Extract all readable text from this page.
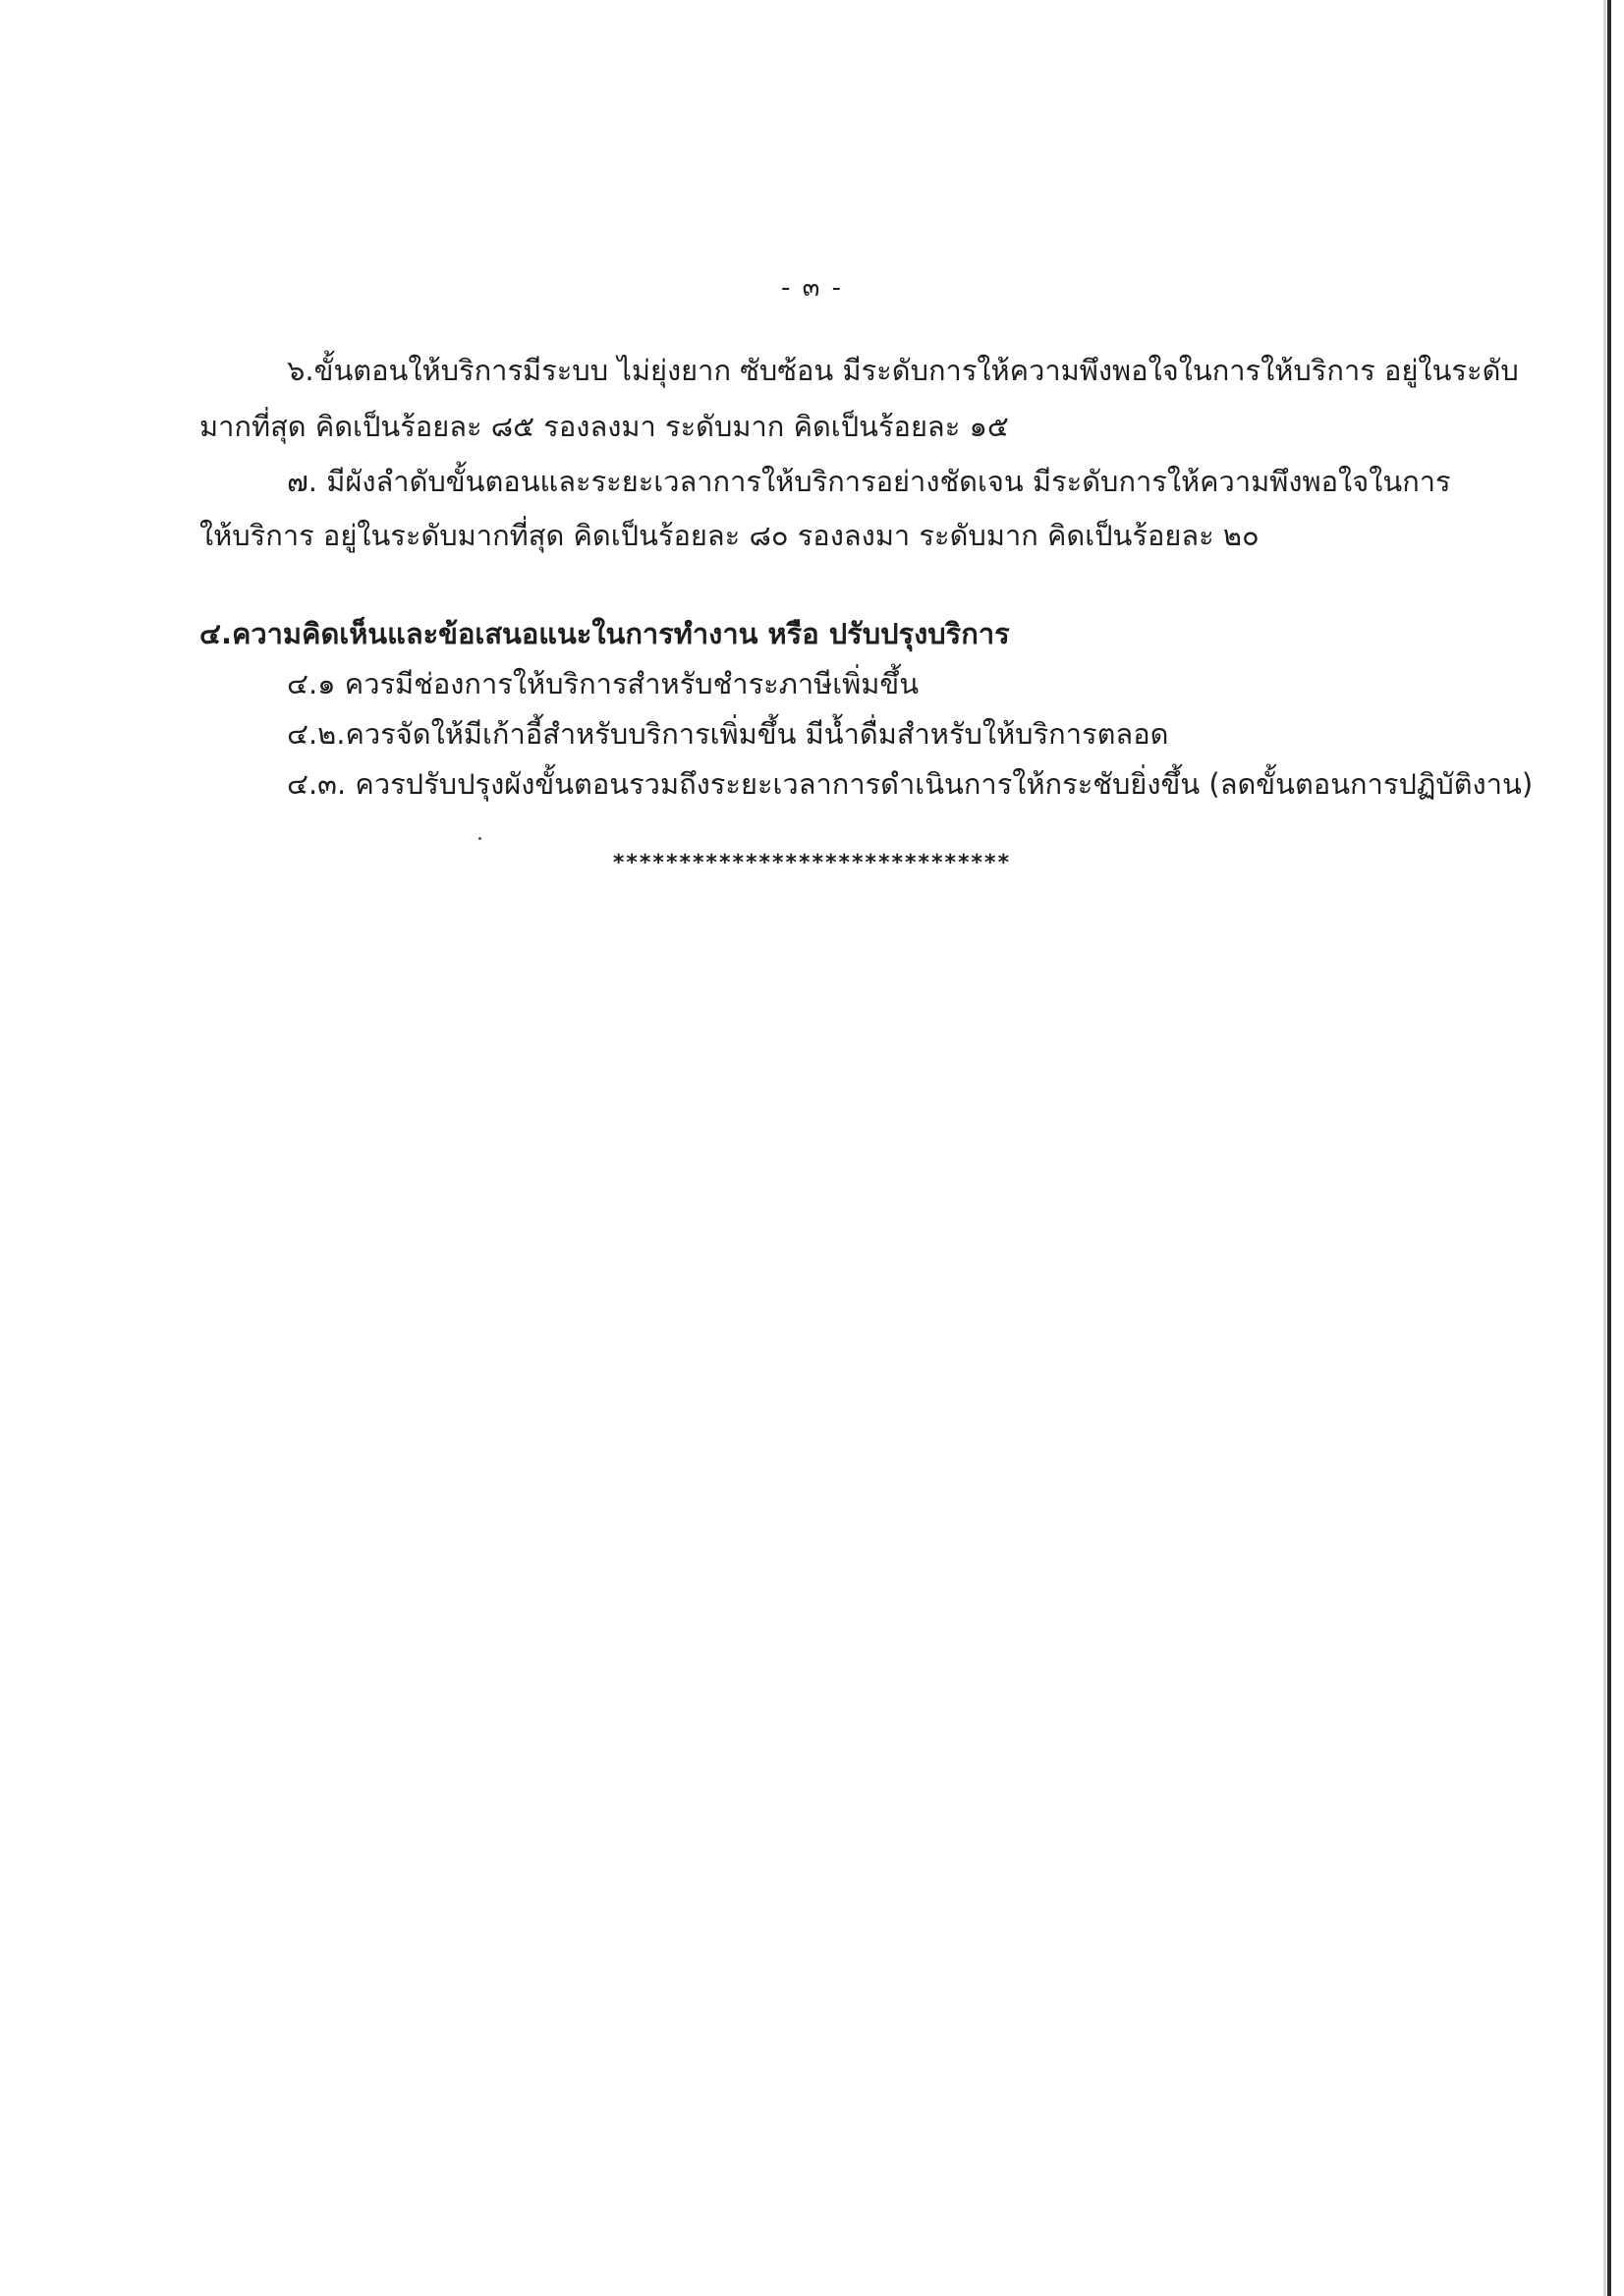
- ๓ -
๖.ขั้นตอนให้บริการมีระบบ ไม่ยุ่งยาก ซับซ้อน มีระดับการให้ความพึงพอใจในการให้บริการ อยู่ในระดับ
มากที่สุด คิดเป็นร้อยละ ๘๕ รองลงมา ระดับมาก คิดเป็นร้อยละ ๑๕
๗. มีผังลำดับขั้นตอนและระยะเวลาการให้บริการอย่างชัดเจน มีระดับการให้ความพึงพอใจในการ
ให้บริการ อยู่ในระดับมากที่สุด คิดเป็นร้อยละ ๘๐ รองลงมา ระดับมาก คิดเป็นร้อยละ ๒๐
๔.ความคิดเห็นและข้อเสนอแนะในการทำงาน หรือ ปรับปรุงบริการ
๔.๑ ควรมีช่องการให้บริการสำหรับชำระภาษีเพิ่มขึ้น
๔.๒.ควรจัดให้มีเก้าอี้สำหรับบริการเพิ่มขึ้น มีน้ำดื่มสำหรับให้บริการตลอด
๔.๓. ควรปรับปรุงผังขั้นตอนรวมถึงระยะเวลาการดำเนินการให้กระชับยิ่งขึ้น (ลดขั้นตอนการปฏิบัติงาน)
******************************
